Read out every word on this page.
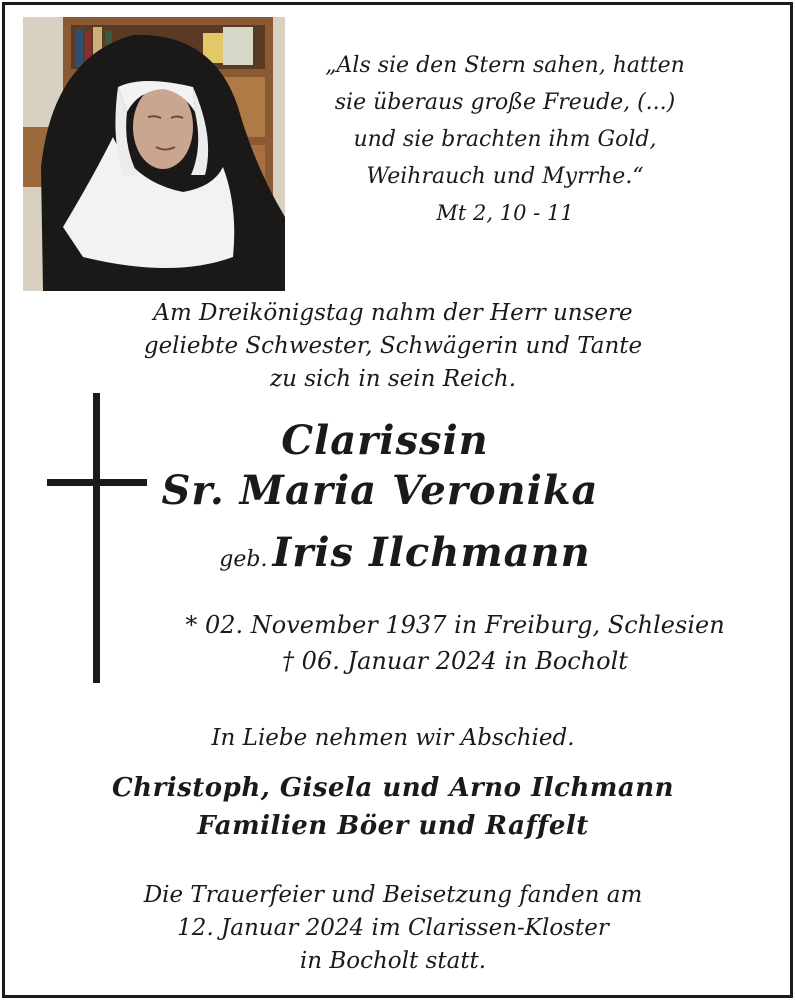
„Als sie den Stern sahen, hatten
sie überaus große Freude, (...)
und sie brachten ihm Gold,
Weihrauch und Myrrhe.“
Mt 2, 10 - 11
Am Dreikönigstag nahm der Herr unsere
geliebte Schwester, Schwägerin und Tante
zu sich in sein Reich.
Clarissin
Sr. Maria Veronika
geb. Iris Ilchmann
* 02. November 1937 in Freiburg, Schlesien
† 06. Januar 2024 in Bocholt
In Liebe nehmen wir Abschied.
Christoph, Gisela und Arno Ilchmann
Familien Böer und Raffelt
Die Trauerfeier und Beisetzung fanden am
12. Januar 2024 im Clarissen-Kloster
in Bocholt statt.
